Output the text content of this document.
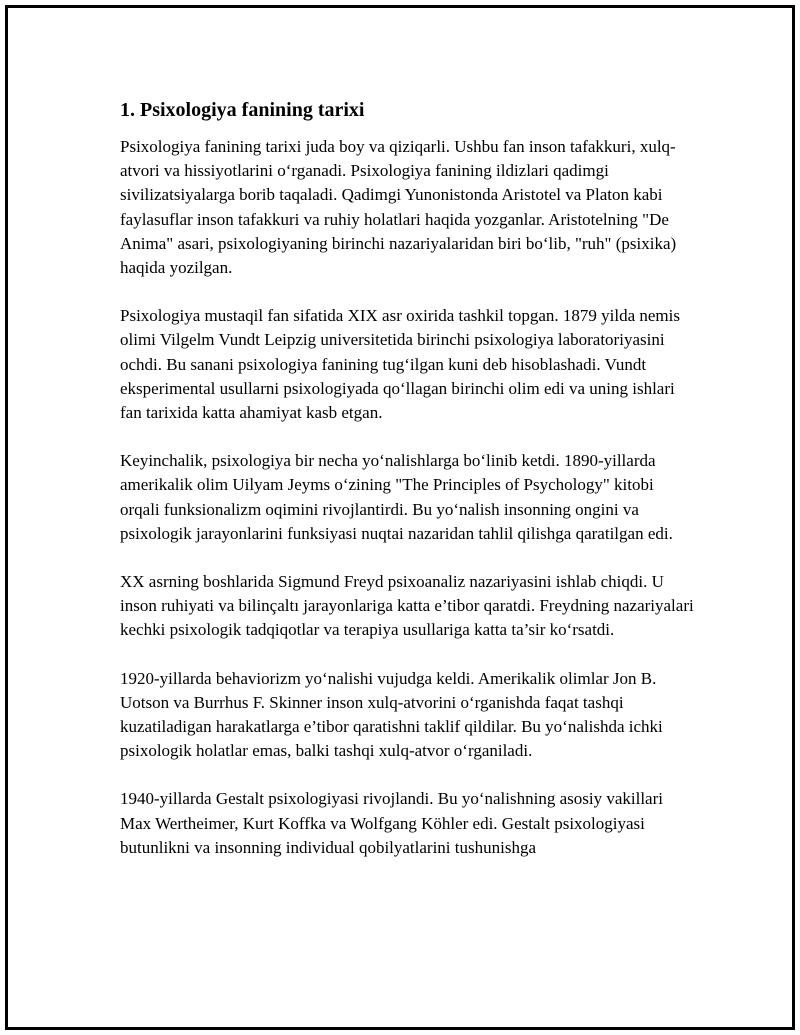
1. Psixologiya fanining tarixi

Psixologiya fanining tarixi juda boy va qiziqarli. Ushbu fan inson tafakkuri, xulq-atvori va hissiyotlarini o‘rganadi. Psixologiya fanining ildizlari qadimgi sivilizatsiyalarga borib taqaladi. Qadimgi Yunonistonda Aristotel va Platon kabi faylasuflar inson tafakkuri va ruhiy holatlari haqida yozganlar. Aristotelning "De Anima" asari, psixologiyaning birinchi nazariyalaridan biri bo‘lib, "ruh" (psixika) haqida yozilgan.

Psixologiya mustaqil fan sifatida XIX asr oxirida tashkil topgan. 1879 yilda nemis olimi Vilgelm Vundt Leipzig universitetida birinchi psixologiya laboratoriyasini ochdi. Bu sanani psixologiya fanining tug‘ilgan kuni deb hisoblashadi. Vundt eksperimental usullarni psixologiyada qo‘llagan birinchi olim edi va uning ishlari fan tarixida katta ahamiyat kasb etgan.

Keyinchalik, psixologiya bir necha yo‘nalishlarga bo‘linib ketdi. 1890-yillarda amerikalik olim Uilyam Jeyms o‘zining "The Principles of Psychology" kitobi orqali funksionalizm oqimini rivojlantirdi. Bu yo‘nalish insonning ongini va psixologik jarayonlarini funksiyasi nuqtai nazaridan tahlil qilishga qaratilgan edi.

XX asrning boshlarida Sigmund Freyd psixoanaliz nazariyasini ishlab chiqdi. U inson ruhiyati va bilinçaltı jarayonlariga katta e’tibor qaratdi. Freydning nazariyalari kechki psixologik tadqiqotlar va terapiya usullariga katta ta’sir ko‘rsatdi.

1920-yillarda behaviorizm yo‘nalishi vujudga keldi. Amerikalik olimlar Jon B. Uotson va Burrhus F. Skinner inson xulq-atvorini o‘rganishda faqat tashqi kuzatiladigan harakatlarga e’tibor qaratishni taklif qildilar. Bu yo‘nalishda ichki psixologik holatlar emas, balki tashqi xulq-atvor o‘rganiladi.

1940-yillarda Gestalt psixologiyasi rivojlandi. Bu yo‘nalishning asosiy vakillari Max Wertheimer, Kurt Koffka va Wolfgang Köhler edi. Gestalt psixologiyasi butunlikni va insonning individual qobilyatlarini tushunishga
